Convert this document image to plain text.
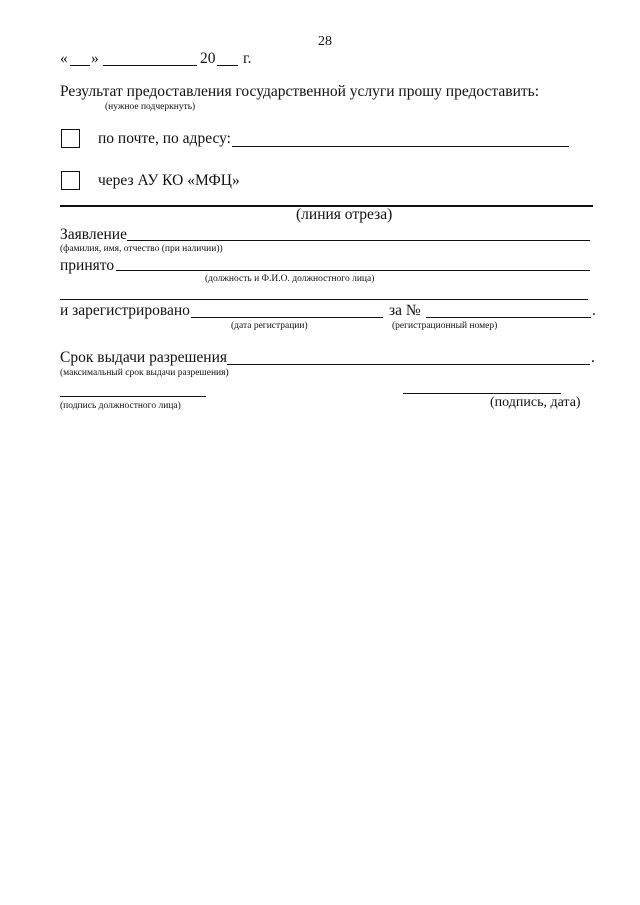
28
« »	20 г.
Результат предоставления государственной услуги прошу предоставить:
(нужное подчеркнуть)
по почте, по адресу:
через АУ КО «МФЦ»
(линия отреза)
Заявление
(фамилия, имя, отчество (при наличии))
принято
(должность и Ф.И.О. должностного лица)
и зарегистрировано	за №	.
(дата регистрации)	(регистрационный номер)
Срок выдачи разрешения	.
(максимальный срок выдачи разрешения)
(подпись должностного лица)	(подпись, дата)
